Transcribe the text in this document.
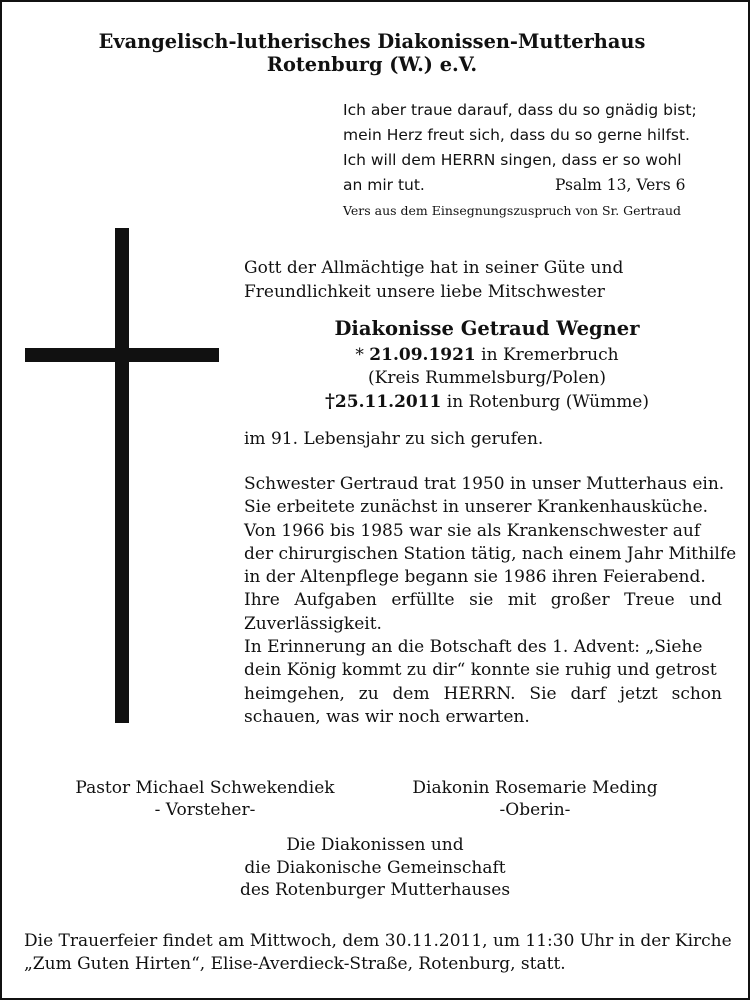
Evangelisch-lutherisches Diakonissen-Mutterhaus
Rotenburg (W.) e.V.
Ich aber traue darauf, dass du so gnädig bist;
mein Herz freut sich, dass du so gerne hilfst.
Ich will dem HERRN singen, dass er so wohl
an mir tut.	Psalm 13, Vers 6
Vers aus dem Einsegnungszuspruch von Sr. Gertraud
Gott der Allmächtige hat in seiner Güte und
Freundlichkeit unsere liebe Mitschwester
Diakonisse Getraud Wegner
* 21.09.1921 in Kremerbruch
(Kreis Rummelsburg/Polen)
†25.11.2011 in Rotenburg (Wümme)
im 91. Lebensjahr zu sich gerufen.
Schwester Gertraud trat 1950 in unser Mutterhaus ein.
Sie erbeitete zunächst in unserer Krankenhausküche.
Von 1966 bis 1985 war sie als Krankenschwester auf
der chirurgischen Station tätig, nach einem Jahr Mithilfe
in der Altenpflege begann sie 1986 ihren Feierabend.
Ihre Aufgaben erfüllte sie mit großer Treue und
Zuverlässigkeit.
In Erinnerung an die Botschaft des 1. Advent: „Siehe
dein König kommt zu dir“ konnte sie ruhig und getrost
heimgehen, zu dem HERRN. Sie darf jetzt schon
schauen, was wir noch erwarten.
Pastor Michael Schwekendiek
- Vorsteher-
Diakonin Rosemarie Meding
-Oberin-
Die Diakonissen und
die Diakonische Gemeinschaft
des Rotenburger Mutterhauses
Die Trauerfeier findet am Mittwoch, dem 30.11.2011, um 11:30 Uhr in der Kirche
„Zum Guten Hirten“, Elise-Averdieck-Straße, Rotenburg, statt.
